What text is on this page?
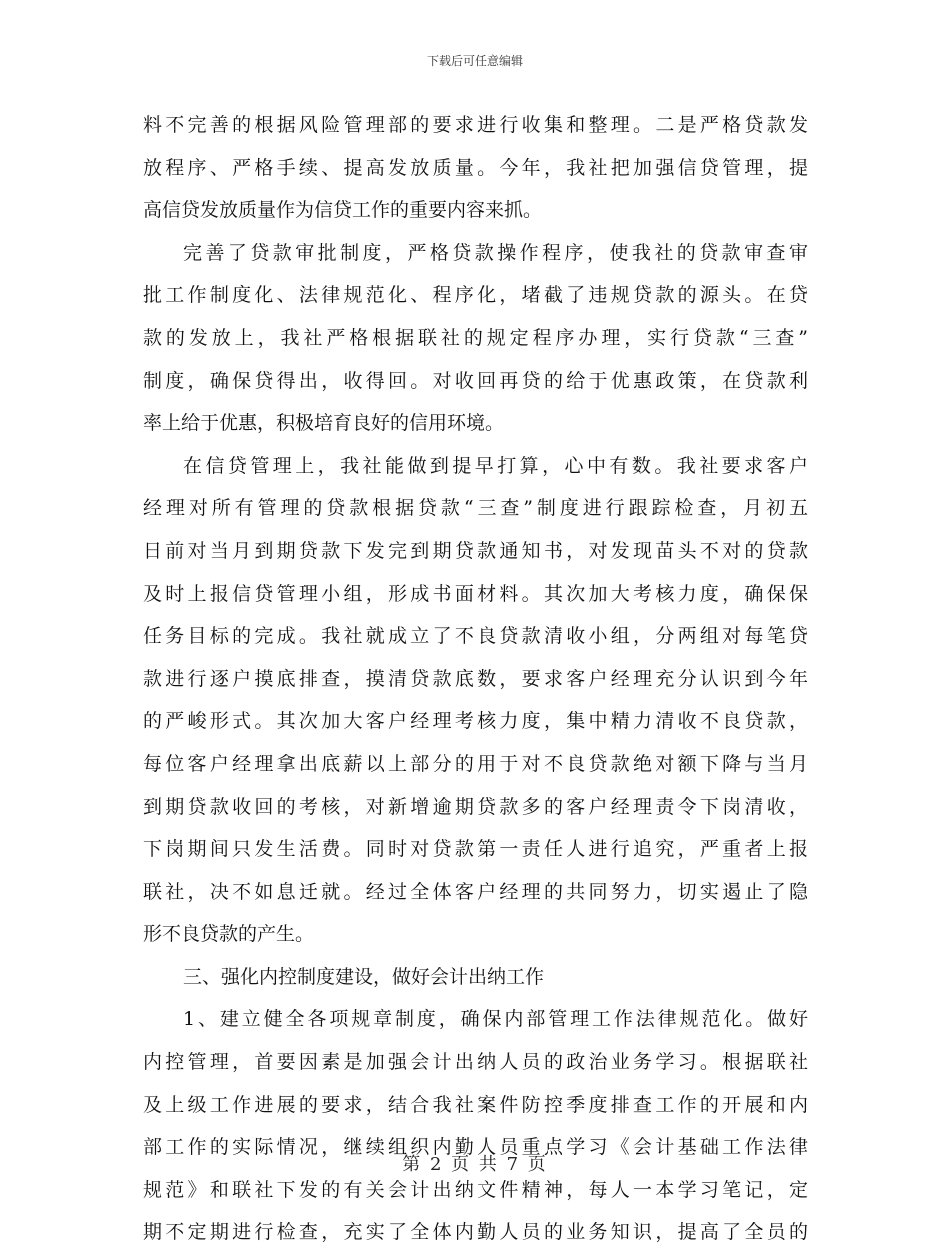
下载后可任意编辑
料不完善的根据风险管理部的要求进行收集和整理。二是严格贷款发
放程序、严格手续、提高发放质量。今年，我社把加强信贷管理，提
高信贷发放质量作为信贷工作的重要内容来抓。
完善了贷款审批制度，严格贷款操作程序，使我社的贷款审查审
批工作制度化、法律规范化、程序化，堵截了违规贷款的源头。在贷
款的发放上，我社严格根据联社的规定程序办理，实行贷款“三查”
制度，确保贷得出，收得回。对收回再贷的给于优惠政策，在贷款利
率上给于优惠，积极培育良好的信用环境。
在信贷管理上，我社能做到提早打算，心中有数。我社要求客户
经理对所有管理的贷款根据贷款“三查”制度进行跟踪检查，月初五
日前对当月到期贷款下发完到期贷款通知书，对发现苗头不对的贷款
及时上报信贷管理小组，形成书面材料。其次加大考核力度，确保保
任务目标的完成。我社就成立了不良贷款清收小组，分两组对每笔贷
款进行逐户摸底排查，摸清贷款底数，要求客户经理充分认识到今年
的严峻形式。其次加大客户经理考核力度，集中精力清收不良贷款，
每位客户经理拿出底薪以上部分的用于对不良贷款绝对额下降与当月
到期贷款收回的考核，对新增逾期贷款多的客户经理责令下岗清收，
下岗期间只发生活费。同时对贷款第一责任人进行追究，严重者上报
联社，决不如息迁就。经过全体客户经理的共同努力，切实遏止了隐
形不良贷款的产生。
三、强化内控制度建设，做好会计出纳工作
1、建立健全各项规章制度，确保内部管理工作法律规范化。做好
内控管理，首要因素是加强会计出纳人员的政治业务学习。根据联社
及上级工作进展的要求，结合我社案件防控季度排查工作的开展和内
部工作的实际情况，继续组织内勤人员重点学习《会计基础工作法律
规范》和联社下发的有关会计出纳文件精神，每人一本学习笔记，定
期不定期进行检查，充实了全体内勤人员的业务知识，提高了全员的
第 2 页 共 7 页
